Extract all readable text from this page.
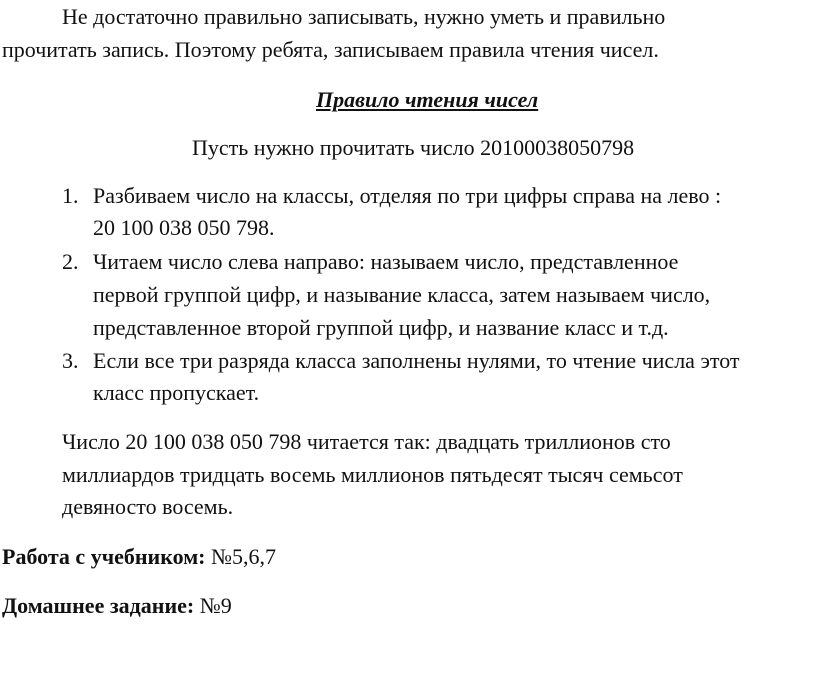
Не достаточно правильно записывать, нужно уметь и правильно
прочитать запись. Поэтому ребята, записываем правила чтения чисел.
Правило чтения чисел
Пусть нужно прочитать число 20100038050798
1. Разбиваем число на классы, отделяя по три цифры справа на лево :
20 100 038 050 798.
2. Читаем число слева направо: называем число, представленное
первой группой цифр, и называние класса, затем называем число,
представленное второй группой цифр, и название класс и т.д.
3. Если все три разряда класса заполнены нулями, то чтение числа этот
класс пропускает.
Число 20 100 038 050 798 читается так: двадцать триллионов сто
миллиардов тридцать восемь миллионов пятьдесят тысяч семьсот
девяносто восемь.
Работа с учебником: №5,6,7
Домашнее задание: №9
